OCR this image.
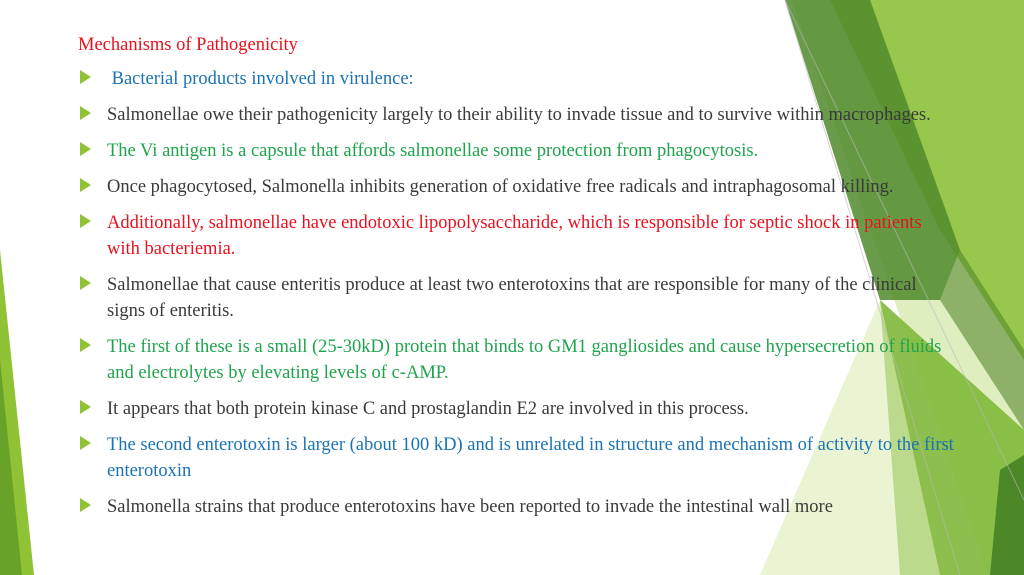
Mechanisms of Pathogenicity
Bacterial products involved in virulence:
Salmonellae owe their pathogenicity largely to their ability to invade tissue and to survive within macrophages.
The Vi antigen is a capsule that affords salmonellae some protection from phagocytosis.
Once phagocytosed, Salmonella inhibits generation of oxidative free radicals and intraphagosomal killing.
Additionally, salmonellae have endotoxic lipopolysaccharide, which is responsible for septic shock in patients with bacteriemia.
Salmonellae that cause enteritis produce at least two enterotoxins that are responsible for many of the clinical signs of enteritis.
The first of these is a small (25-30kD) protein that binds to GM1 gangliosides and cause hypersecretion of fluids and electrolytes by elevating levels of c-AMP.
It appears that both protein kinase C and prostaglandin E2 are involved in this process.
The second enterotoxin is larger (about 100 kD) and is unrelated in structure and mechanism of activity to the first enterotoxin
Salmonella strains that produce enterotoxins have been reported to invade the intestinal wall more
